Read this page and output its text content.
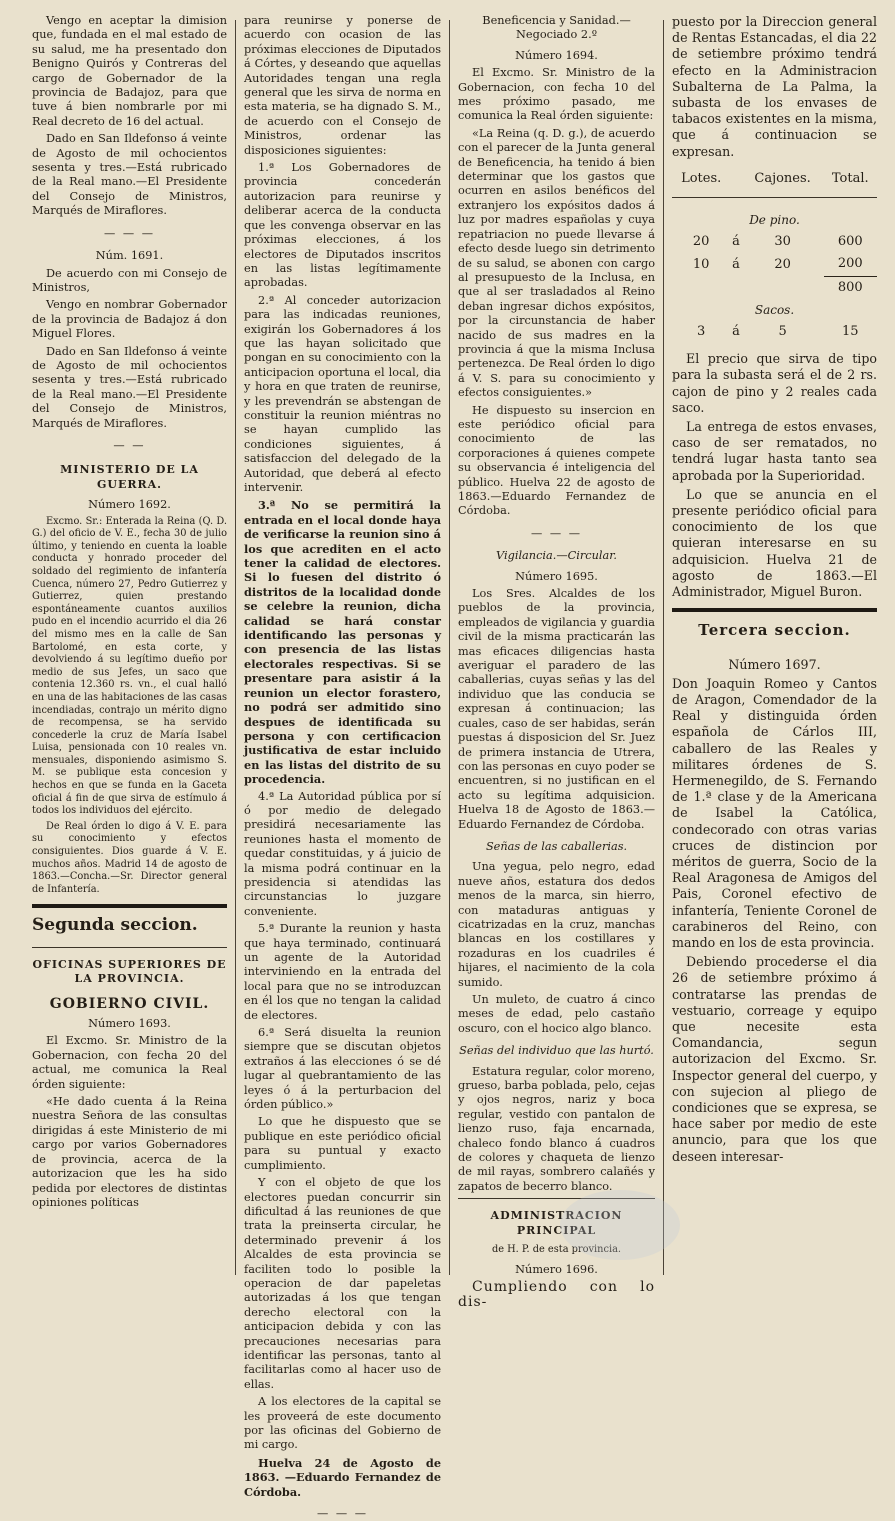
Vengo en aceptar la dimision que, fundada en el mal estado de su salud, me ha presentado don Benigno Quirós y Contreras del cargo de Gobernador de la provincia de Badajoz, para que tuve á bien nombrarle por mi Real decreto de 16 del actual.

Dado en San Ildefonso á veinte de Agosto de mil ochocientos sesenta y tres.—Está rubricado de la Real mano.—El Presidente del Consejo de Ministros, Marqués de Miraflores.

— — —

Núm. 1691.

De acuerdo con mi Consejo de Ministros,

Vengo en nombrar Gobernador de la provincia de Badajoz á don Miguel Flores.

Dado en San Ildefonso á veinte de Agosto de mil ochocientos sesenta y tres.—Está rubricado de la Real mano.—El Presidente del Consejo de Ministros, Marqués de Miraflores.

— —

MINISTERIO DE LA GUERRA.

Número 1692.

Excmo. Sr.: Enterada la Reina (Q. D. G.) del oficio de V. E., fecha 30 de julio último, y teniendo en cuenta la loable conducta y honrado proceder del soldado del regimiento de infantería Cuenca, número 27, Pedro Gutierrez y Gutierrez, quien prestando espontáneamente cuantos auxilios pudo en el incendio acurrido el dia 26 del mismo mes en la calle de San Bartolomé, en esta corte, y devolviendo á su legítimo dueño por medio de sus Jefes, un saco que contenia 12.360 rs. vn., el cual halló en una de las habitaciones de las casas incendiadas, contrajo un mérito digno de recompensa, se ha servido concederle la cruz de María Isabel Luisa, pensionada con 10 reales vn. mensuales, disponiendo asimismo S. M. se publique esta concesion y hechos en que se funda en la Gaceta oficial á fin de que sirva de estímulo á todos los individuos del ejército.

De Real órden lo digo á V. E. para su conocimiento y efectos consiguientes. Dios guarde á V. E. muchos años. Madrid 14 de agosto de 1863.—Concha.—Sr. Director general de Infantería.

Segunda seccion.

OFICINAS SUPERIORES DE LA PROVINCIA.

GOBIERNO CIVIL.

Número 1693.

El Excmo. Sr. Ministro de la Gobernacion, con fecha 20 del actual, me comunica la Real órden siguiente:

«He dado cuenta á la Reina nuestra Señora de las consultas dirigidas á este Ministerio de mi cargo por varios Gobernadores de provincia, acerca de la autorizacion que les ha sido pedida por electores de distintas opiniones políticas

para reunirse y ponerse de acuerdo con ocasion de las próximas elecciones de Diputados á Córtes, y deseando que aquellas Autoridades tengan una regla general que les sirva de norma en esta materia, se ha dignado S. M., de acuerdo con el Consejo de Ministros, ordenar las disposiciones siguientes:

1.ª Los Gobernadores de provincia concederán autorizacion para reunirse y deliberar acerca de la conducta que les convenga observar en las próximas elecciones, á los electores de Diputados inscritos en las listas legítimamente aprobadas.

2.ª Al conceder autorizacion para las indicadas reuniones, exigirán los Gobernadores á los que las hayan solicitado que pongan en su conocimiento con la anticipacion oportuna el local, dia y hora en que traten de reunirse, y les prevendrán se abstengan de constituir la reunion miéntras no se hayan cumplido las condiciones siguientes, á satisfaccion del delegado de la Autoridad, que deberá al efecto intervenir.

3.ª No se permitirá la entrada en el local donde haya de verificarse la reunion sino á los que acrediten en el acto tener la calidad de electores. Si lo fuesen del distrito ó distritos de la localidad donde se celebre la reunion, dicha calidad se hará constar identificando las personas y con presencia de las listas electorales respectivas. Si se presentare para asistir á la reunion un elector forastero, no podrá ser admitido sino despues de identificada su persona y con certificacion justificativa de estar incluido en las listas del distrito de su procedencia.

4.ª La Autoridad pública por sí ó por medio de delegado presidirá necesariamente las reuniones hasta el momento de quedar constituidas, y á juicio de la misma podrá continuar en la presidencia si atendidas las circunstancias lo juzgare conveniente.

5.ª Durante la reunion y hasta que haya terminado, continuará un agente de la Autoridad interviniendo en la entrada del local para que no se introduzcan en él los que no tengan la calidad de electores.

6.ª Será disuelta la reunion siempre que se discutan objetos extraños á las elecciones ó se dé lugar al quebrantamiento de las leyes ó á la perturbacion del órden público.»

Lo que he dispuesto que se publique en este periódico oficial para su puntual y exacto cumplimiento.

Y con el objeto de que los electores puedan concurrir sin dificultad á las reuniones de que trata la preinserta circular, he determinado prevenir á los Alcaldes de esta provincia se faciliten todo lo posible la operacion de dar papeletas autorizadas á los que tengan derecho electoral con la anticipacion debida y con las precauciones necesarias para identificar las personas, tanto al facilitarlas como al hacer uso de ellas.

A los electores de la capital se les proveerá de este documento por las oficinas del Gobierno de mi cargo.

Huelva 24 de Agosto de 1863. —Eduardo Fernandez de Córdoba.

— — —

Beneficencia y Sanidad.—Negociado 2.º

Número 1694.

El Excmo. Sr. Ministro de la Gobernacion, con fecha 10 del mes próximo pasado, me comunica la Real órden siguiente:

«La Reina (q. D. g.), de acuerdo con el parecer de la Junta general de Beneficencia, ha tenido á bien determinar que los gastos que ocurren en asilos benéficos del extranjero los expósitos dados á luz por madres españolas y cuya repatriacion no puede llevarse á efecto desde luego sin detrimento de su salud, se abonen con cargo al presupuesto de la Inclusa, en que al ser trasladados al Reino deban ingresar dichos expósitos, por la circunstancia de haber nacido de sus madres en la provincia á que la misma Inclusa pertenezca. De Real órden lo digo á V. S. para su conocimiento y efectos consiguientes.»

He dispuesto su insercion en este periódico oficial para conocimiento de las corporaciones á quienes compete su observancia é inteligencia del público. Huelva 22 de agosto de 1863.—Eduardo Fernandez de Córdoba.

— — —

Vigilancia.—Circular.

Número 1695.

Los Sres. Alcaldes de los pueblos de la provincia, empleados de vigilancia y guardia civil de la misma practicarán las mas eficaces diligencias hasta averiguar el paradero de las caballerias, cuyas señas y las del individuo que las conducia se expresan á continuacion; las cuales, caso de ser habidas, serán puestas á disposicion del Sr. Juez de primera instancia de Utrera, con las personas en cuyo poder se encuentren, si no justifican en el acto su legítima adquisicion. Huelva 18 de Agosto de 1863.—Eduardo Fernandez de Córdoba.

Señas de las caballerias.

Una yegua, pelo negro, edad nueve años, estatura dos dedos menos de la marca, sin hierro, con mataduras antiguas y cicatrizadas en la cruz, manchas blancas en los costillares y rozaduras en los cuadriles é hijares, el nacimiento de la cola sumido.

Un muleto, de cuatro á cinco meses de edad, pelo castaño oscuro, con el hocico algo blanco.

Señas del individuo que las hurtó.

Estatura regular, color moreno, grueso, barba poblada, pelo, cejas y ojos negros, nariz y boca regular, vestido con pantalon de lienzo ruso, faja encarnada, chaleco fondo blanco á cuadros de colores y chaqueta de lienzo de mil rayas, sombrero calañés y zapatos de becerro blanco.

ADMINISTRACION PRINCIPAL

de H. P. de esta provincia.

Número 1696.

Cumpliendo con lo dis-

puesto por la Direccion general de Rentas Estancadas, el dia 22 de setiembre próximo tendrá efecto en la Administracion Subalterna de La Palma, la subasta de los envases de tabacos existentes en la misma, que á continuacion se expresan.

Lotes.		Cajones.	Total.

De pino.			
20	á	30	600
10	á	20	200
			800
Sacos.			
3	á	5	15

El precio que sirva de tipo para la subasta será el de 2 rs. cajon de pino y 2 reales cada saco.

La entrega de estos envases, caso de ser rematados, no tendrá lugar hasta tanto sea aprobada por la Superioridad.

Lo que se anuncia en el presente periódico oficial para conocimiento de los que quieran interesarse en su adquisicion. Huelva 21 de agosto de 1863.—El Administrador, Miguel Buron.

Tercera seccion.

Número 1697.

Don Joaquin Romeo y Cantos de Aragon, Comendador de la Real y distinguida órden española de Cárlos III, caballero de las Reales y militares órdenes de S. Hermenegildo, de S. Fernando de 1.ª clase y de la Americana de Isabel la Católica, condecorado con otras varias cruces de distincion por méritos de guerra, Socio de la Real Aragonesa de Amigos del Pais, Coronel efectivo de infantería, Teniente Coronel de carabineros del Reino, con mando en los de esta provincia.

Debiendo procederse el dia 26 de setiembre próximo á contratarse las prendas de vestuario, correage y equipo que necesite esta Comandancia, segun autorizacion del Excmo. Sr. Inspector general del cuerpo, y con sujecion al pliego de condiciones que se expresa, se hace saber por medio de este anuncio, para que los que deseen interesar-
